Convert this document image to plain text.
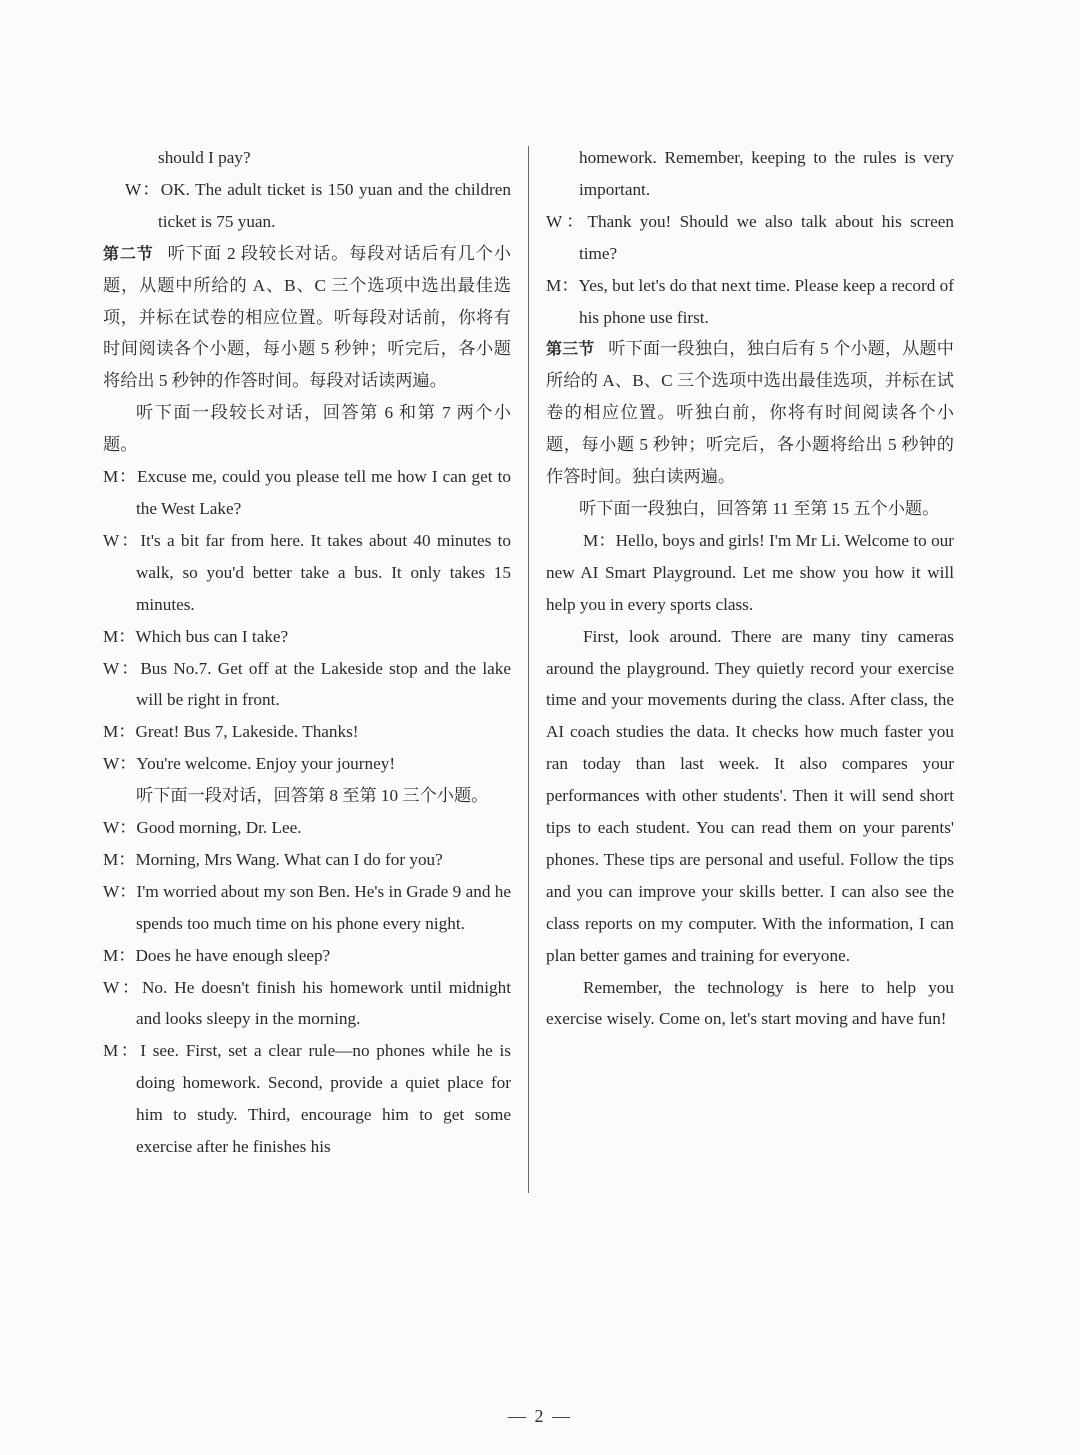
should I pay?

W：OK. The adult ticket is 150 yuan and the children ticket is 75 yuan.

第二节 听下面 2 段较长对话。每段对话后有几个小题，从题中所给的 A、B、C 三个选项中选出最佳选项，并标在试卷的相应位置。听每段对话前，你将有时间阅读各个小题，每小题 5 秒钟；听完后，各小题将给出 5 秒钟的作答时间。每段对话读两遍。

听下面一段较长对话，回答第 6 和第 7 两个小题。

M：Excuse me, could you please tell me how I can get to the West Lake?

W：It's a bit far from here. It takes about 40 minutes to walk, so you'd better take a bus. It only takes 15 minutes.

M：Which bus can I take?

W：Bus No.7. Get off at the Lakeside stop and the lake will be right in front.

M：Great! Bus 7, Lakeside. Thanks!

W：You're welcome. Enjoy your journey!

听下面一段对话，回答第 8 至第 10 三个小题。

W：Good morning, Dr. Lee.

M：Morning, Mrs Wang. What can I do for you?

W：I'm worried about my son Ben. He's in Grade 9 and he spends too much time on his phone every night.

M：Does he have enough sleep?

W：No. He doesn't finish his homework until midnight and looks sleepy in the morning.

M：I see. First, set a clear rule—no phones while he is doing homework. Second, provide a quiet place for him to study. Third, encourage him to get some exercise after he finishes his

homework. Remember, keeping to the rules is very important.

W：Thank you! Should we also talk about his screen time?

M：Yes, but let's do that next time. Please keep a record of his phone use first.

第三节 听下面一段独白，独白后有 5 个小题，从题中所给的 A、B、C 三个选项中选出最佳选项，并标在试卷的相应位置。听独白前，你将有时间阅读各个小题，每小题 5 秒钟；听完后，各小题将给出 5 秒钟的作答时间。独白读两遍。

听下面一段独白，回答第 11 至第 15 五个小题。

M：Hello, boys and girls! I'm Mr Li. Welcome to our new AI Smart Playground. Let me show you how it will help you in every sports class.

First, look around. There are many tiny cameras around the playground. They quietly record your exercise time and your movements during the class. After class, the AI coach studies the data. It checks how much faster you ran today than last week. It also compares your performances with other students'. Then it will send short tips to each student. You can read them on your parents' phones. These tips are personal and useful. Follow the tips and you can improve your skills better. I can also see the class reports on my computer. With the information, I can plan better games and training for everyone.

Remember, the technology is here to help you exercise wisely. Come on, let's start moving and have fun!

— 2 —
